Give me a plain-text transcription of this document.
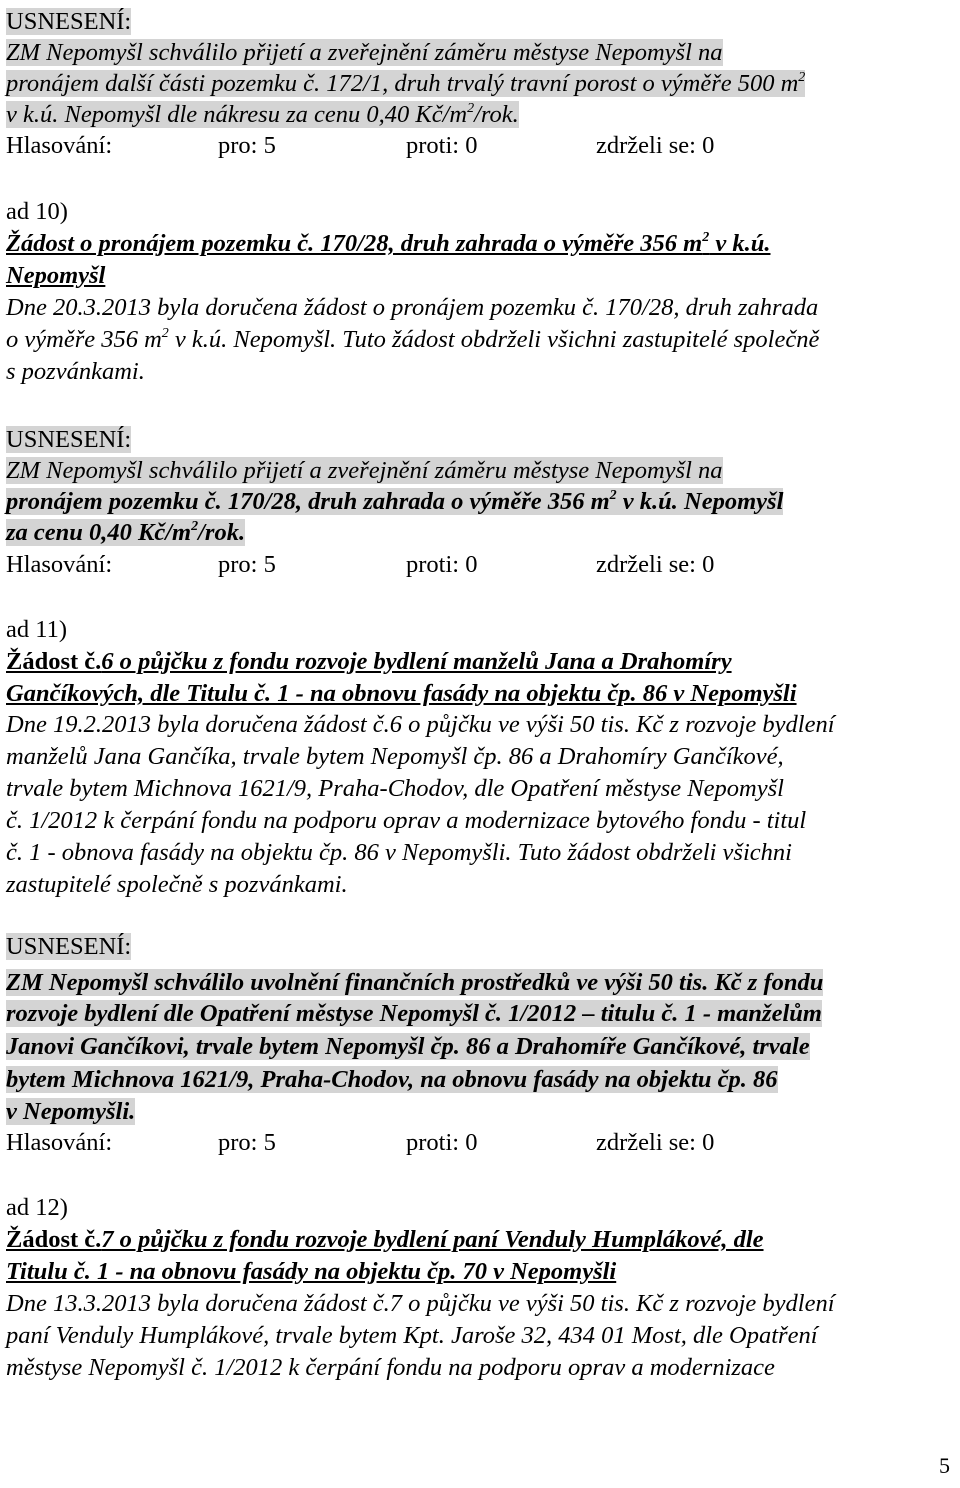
USNESENÍ:
ZM Nepomyšl schválilo přijetí a zveřejnění záměru městyse Nepomyšl na
pronájem další části pozemku č. 172/1, druh trvalý travní porost o výměře 500 $m^2$
v k.ú. Nepomyšl dle nákresu za cenu 0,40 $Kč/m^2$/rok.
Hlasování:	pro: 5	proti: 0	zdrželi se: 0
ad 10)
Žádost o pronájem pozemku č. 170/28, druh zahrada o výměře 356 $m^2$ v k.ú.
Nepomyšl
Dne 20.3.2013 byla doručena žádost o pronájem pozemku č. 170/28, druh zahrada
o výměře 356 $m^2$ v k.ú. Nepomyšl. Tuto žádost obdrželi všichni zastupitelé společně
s pozvánkami.
USNESENÍ:
ZM Nepomyšl schválilo přijetí a zveřejnění záměru městyse Nepomyšl na
pronájem pozemku č. 170/28, druh zahrada o výměře 356 $m^2$ v k.ú. Nepomyšl
za cenu 0,40 $Kč/m^2$/rok.
Hlasování:	pro: 5	proti: 0	zdrželi se: 0
ad 11)
Žádost č.6 o půjčku z fondu rozvoje bydlení manželů Jana a Drahomíry
Gančíkových, dle Titulu č. 1 - na obnovu fasády na objektu čp. 86 v Nepomyšli
Dne 19.2.2013 byla doručena žádost č.6 o půjčku ve výši 50 tis. Kč z rozvoje bydlení
manželů Jana Gančíka, trvale bytem Nepomyšl čp. 86 a Drahomíry Gančíkové,
trvale bytem Michnova 1621/9, Praha-Chodov, dle Opatření městyse Nepomyšl
č. 1/2012 k čerpání fondu na podporu oprav a modernizace bytového fondu - titul
č. 1 - obnova fasády na objektu čp. 86 v Nepomyšli. Tuto žádost obdrželi všichni
zastupitelé společně s pozvánkami.
USNESENÍ:
ZM Nepomyšl schválilo uvolnění finančních prostředků ve výši 50 tis. Kč z fondu
rozvoje bydlení dle Opatření městyse Nepomyšl č. 1/2012 – titulu č. 1 - manželům
Janovi Gančíkovi, trvale bytem Nepomyšl čp. 86 a Drahomíře Gančíkové, trvale
bytem Michnova 1621/9, Praha-Chodov, na obnovu fasády na objektu čp. 86
v Nepomyšli.
Hlasování:	pro: 5	proti: 0	zdrželi se: 0
ad 12)
Žádost č.7 o půjčku z fondu rozvoje bydlení paní Venduly Humplákové, dle
Titulu č. 1 - na obnovu fasády na objektu čp. 70 v Nepomyšli
Dne 13.3.2013 byla doručena žádost č.7 o půjčku ve výši 50 tis. Kč z rozvoje bydlení
paní Venduly Humplákové, trvale bytem Kpt. Jaroše 32, 434 01 Most, dle Opatření
městyse Nepomyšl č. 1/2012 k čerpání fondu na podporu oprav a modernizace
5
